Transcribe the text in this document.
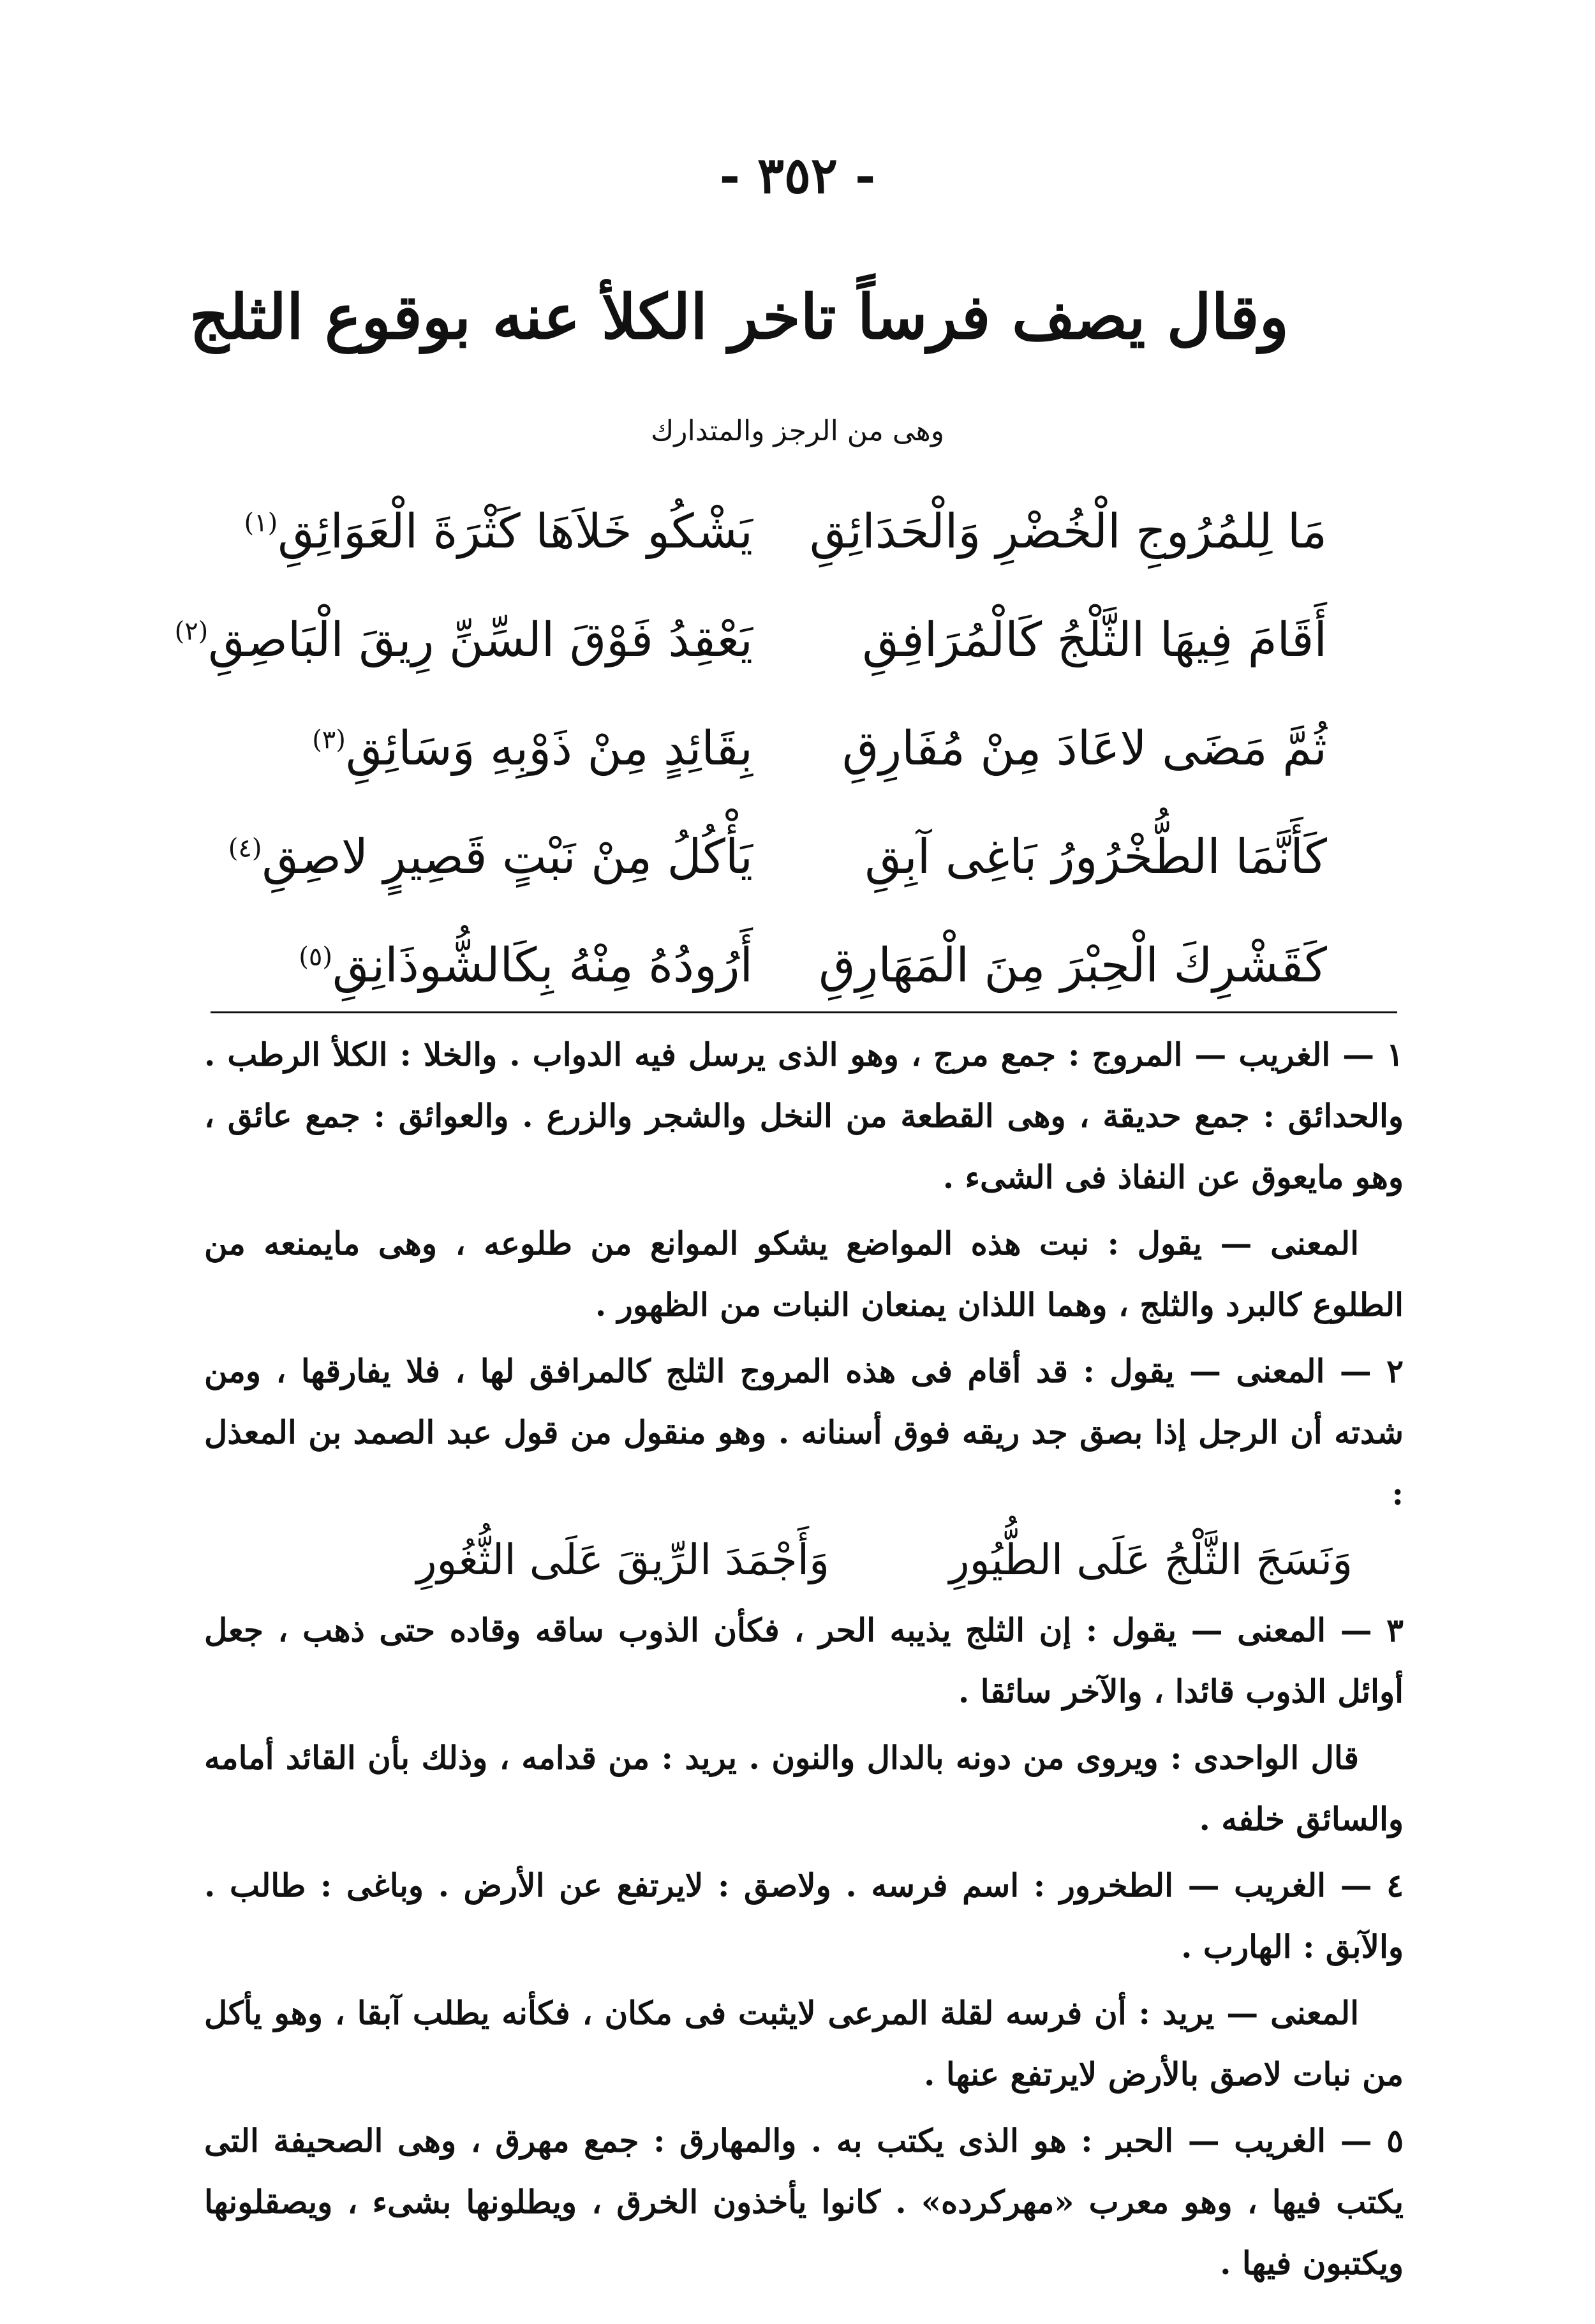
- ٣٥٢ -
وقال يصف فرساً تاخر الكلأ عنه بوقوع الثلج
وهى من الرجز والمتدارك
مَا لِلمُرُوجِ الْخُضْرِ وَالْحَدَائِقِ
يَشْكُو خَلاَهَا كَثْرَةَ الْعَوَائِقِ$^{(١)}$
أَقَامَ فِيهَا الثَّلْجُ كَالْمُرَافِقِ
يَعْقِدُ فَوْقَ السِّنِّ رِيقَ الْبَاصِقِ$^{(٢)}$
ثُمَّ مَضَى لاعَادَ مِنْ مُفَارِقِ
بِقَائِدٍ مِنْ ذَوْبِهِ وَسَائِقِ$^{(٣)}$
كَأَنَّمَا الطُّخْرُورُ بَاغِى آبِقِ
يَأْكُلُ مِنْ نَبْتٍ قَصِيرٍ لاصِقِ$^{(٤)}$
كَقَشْرِكَ الْحِبْرَ مِنَ الْمَهَارِقِ
أَرُودُهُ مِنْهُ بِكَالشُّوذَانِقِ$^{(٥)}$

١ — الغريب — المروج : جمع مرج ، وهو الذى يرسل فيه الدواب . والخلا : الكلأ الرطب . والحدائق : جمع حديقة ، وهى القطعة من النخل والشجر والزرع . والعوائق : جمع عائق ، وهو مايعوق عن النفاذ فى الشىء .

المعنى — يقول : نبت هذه المواضع يشكو الموانع من طلوعه ، وهى مايمنعه من الطلوع كالبرد والثلج ، وهما اللذان يمنعان النبات من الظهور .

٢ — المعنى — يقول : قد أقام فى هذه المروج الثلج كالمرافق لها ، فلا يفارقها ، ومن شدته أن الرجل إذا بصق جد ريقه فوق أسنانه . وهو منقول من قول عبد الصمد بن المعذل :

وَنَسَجَ الثَّلْجُ عَلَى الطُّيُورِ
وَأَجْمَدَ الرِّيقَ عَلَى الثُّغُورِ

٣ — المعنى — يقول : إن الثلج يذيبه الحر ، فكأن الذوب ساقه وقاده حتى ذهب ، جعل أوائل الذوب قائدا ، والآخر سائقا .

قال الواحدى : ويروى من دونه بالدال والنون . يريد : من قدامه ، وذلك بأن القائد أمامه والسائق خلفه .

٤ — الغريب — الطخرور : اسم فرسه . ولاصق : لايرتفع عن الأرض . وباغى : طالب . والآبق : الهارب .

المعنى — يريد : أن فرسه لقلة المرعى لايثبت فى مكان ، فكأنه يطلب آبقا ، وهو يأكل من نبات لاصق بالأرض لايرتفع عنها .

٥ — الغريب — الحبر : هو الذى يكتب به . والمهارق : جمع مهرق ، وهى الصحيفة التى يكتب فيها ، وهو معرب «مهركرده» . كانوا يأخذون الخرق ، ويطلونها بشىء ، ويصقلونها ويكتبون فيها .
